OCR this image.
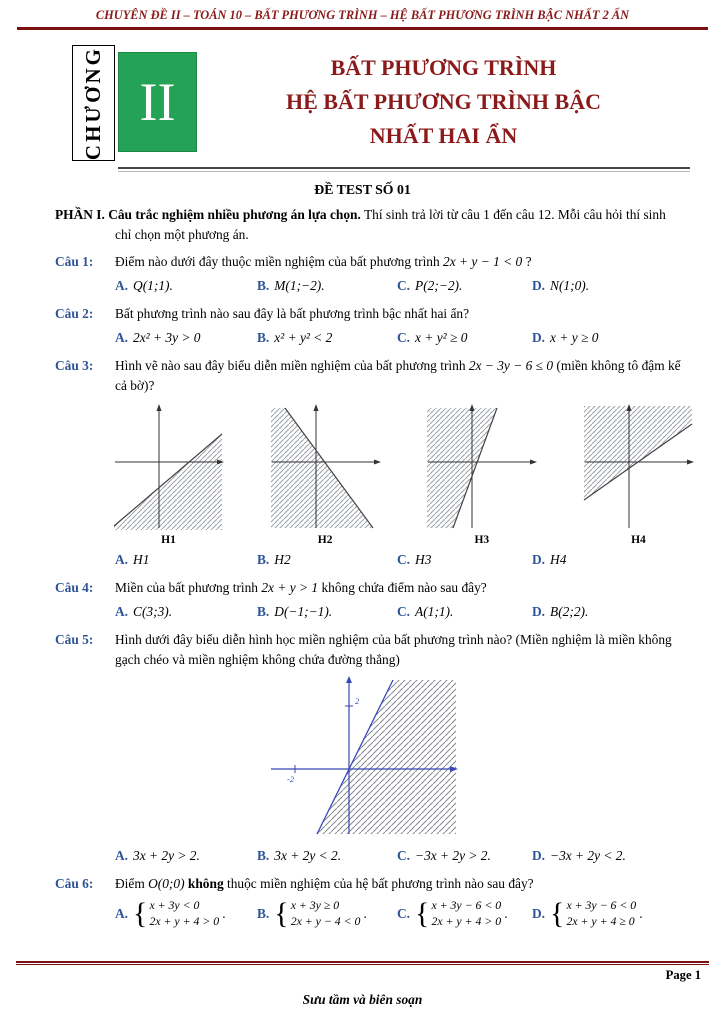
CHUYÊN ĐỀ II – TOÁN 10 – BẤT PHƯƠNG TRÌNH – HỆ BẤT PHƯƠNG TRÌNH BẬC NHẤT 2 ẨN
CHƯƠNG II
BẤT PHƯƠNG TRÌNH
HỆ BẤT PHƯƠNG TRÌNH BẬC NHẤT HAI ẨN
ĐỀ TEST SỐ 01
PHẦN I. Câu trắc nghiệm nhiều phương án lựa chọn. Thí sinh trả lời từ câu 1 đến câu 12. Mỗi câu hỏi thí sinh chỉ chọn một phương án.
Câu 1:	Điểm nào dưới đây thuộc miền nghiệm của bất phương trình 2x + y − 1 < 0 ?
A. Q(1;1).	B. M(1;−2).	C. P(2;−2).	D. N(1;0).
Câu 2:	Bất phương trình nào sau đây là bất phương trình bậc nhất hai ẩn?
A. 2x² + 3y > 0	B. x² + y² < 2	C. x + y² ≥ 0	D. x + y ≥ 0
Câu 3:	Hình vẽ nào sau đây biểu diễn miền nghiệm của bất phương trình 2x − 3y − 6 ≤ 0 (miền không tô đậm kể cả bờ)?
H1	H2	H3	H4
A. H1	B. H2	C. H3	D. H4
Câu 4:	Miền của bất phương trình 2x + y > 1 không chứa điểm nào sau đây?
A. C(3;3).	B. D(−1;−1).	C. A(1;1).	D. B(2;2).
Câu 5:	Hình dưới đây biểu diễn hình học miền nghiệm của bất phương trình nào? (Miền nghiệm là miền không gạch chéo và miền nghiệm không chứa đường thẳng)
2
-2
A. 3x + 2y > 2.	B. 3x + 2y < 2.	C. −3x + 2y > 2.	D. −3x + 2y < 2.
Câu 6:	Điểm O(0;0) không thuộc miền nghiệm của hệ bất phương trình nào sau đây?
A. { x + 3y < 0
2x + y + 4 > 0
. B. { x + 3y ≥ 0
2x + y − 4 < 0
. C. { x + 3y − 6 < 0
2x + y + 4 > 0
. D. { x + 3y − 6 < 0
2x + y + 4 ≥ 0
.
Page 1
Sưu tầm và biên soạn
